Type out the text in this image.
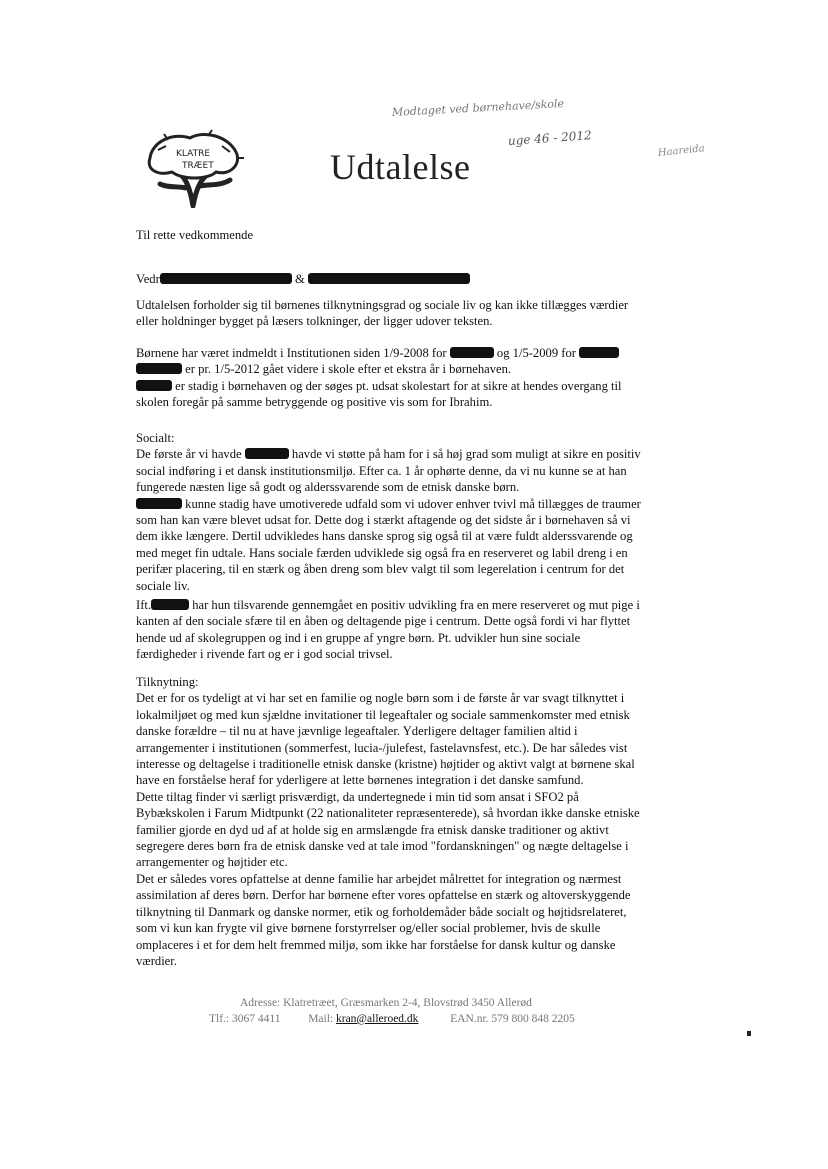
Modtaget ved børnehave/skole
uge 46 - 2012
Haareida
KLATRE
TRÆET	Udtalelse
Til rette vedkommende
Vedr	&
Udtalelsen forholder sig til børnenes tilknytningsgrad og sociale liv og kan ikke tillægges værdier
eller holdninger bygget på læsers tolkninger, der ligger udover teksten.
Børnene har været indmeldt i Institutionen siden 1/9-2008 for	og 1/5-2009 for
er pr. 1/5-2012 gået videre i skole efter et ekstra år i børnehaven.
er stadig i børnehaven og der søges pt. udsat skolestart for at sikre at hendes overgang til
skolen foregår på samme betryggende og positive vis som for Ibrahim.
Socialt:
De første år vi havde	havde vi støtte på ham for i så høj grad som muligt at sikre en positiv
social indføring i et dansk institutionsmiljø. Efter ca. 1 år ophørte denne, da vi nu kunne se at han
fungerede næsten lige så godt og alderssvarende som de etnisk danske børn.
kunne stadig have umotiverede udfald som vi udover enhver tvivl må tillægges de traumer
som han kan være blevet udsat for. Dette dog i stærkt aftagende og det sidste år i børnehaven så vi
dem ikke længere. Dertil udvikledes hans danske sprog sig også til at være fuldt alderssvarende og
med meget fin udtale. Hans sociale færden udviklede sig også fra en reserveret og labil dreng i en
perifær placering, til en stærk og åben dreng som blev valgt til som legerelation i centrum for det
sociale liv.
Ift.	har hun tilsvarende gennemgået en positiv udvikling fra en mere reserveret og mut pige i
kanten af den sociale sfære til en åben og deltagende pige i centrum. Dette også fordi vi har flyttet
hende ud af skolegruppen og ind i en gruppe af yngre børn. Pt. udvikler hun sine sociale
færdigheder i rivende fart og er i god social trivsel.
Tilknytning:
Det er for os tydeligt at vi har set en familie og nogle børn som i de første år var svagt tilknyttet i
lokalmiljøet og med kun sjældne invitationer til legeaftaler og sociale sammenkomster med etnisk
danske forældre – til nu at have jævnlige legeaftaler. Yderligere deltager familien altid i
arrangementer i institutionen (sommerfest, lucia-/julefest, fastelavnsfest, etc.). De har således vist
interesse og deltagelse i traditionelle etnisk danske (kristne) højtider og aktivt valgt at børnene skal
have en forståelse heraf for yderligere at lette børnenes integration i det danske samfund.
Dette tiltag finder vi særligt prisværdigt, da undertegnede i min tid som ansat i SFO2 på
Bybækskolen i Farum Midtpunkt (22 nationaliteter repræsenterede), så hvordan ikke danske etniske
familier gjorde en dyd ud af at holde sig en armslængde fra etnisk danske traditioner og aktivt
segregere deres børn fra de etnisk danske ved at tale imod "fordanskningen" og nægte deltagelse i
arrangementer og højtider etc.
Det er således vores opfattelse at denne familie har arbejdet målrettet for integration og nærmest
assimilation af deres børn. Derfor har børnene efter vores opfattelse en stærk og altoverskyggende
tilknytning til Danmark og danske normer, etik og forholdemåder både socialt og højtidsrelateret,
som vi kun kan frygte vil give børnene forstyrrelser og/eller social problemer, hvis de skulle
omplaceres i et for dem helt fremmed miljø, som ikke har forståelse for dansk kultur og danske
værdier.
Adresse: Klatretræet, Græsmarken 2-4, Blovstrød 3450 Allerød
Tlf.: 3067 4411 Mail: kran@alleroed.dk	EAN.nr. 579 800 848 2205
